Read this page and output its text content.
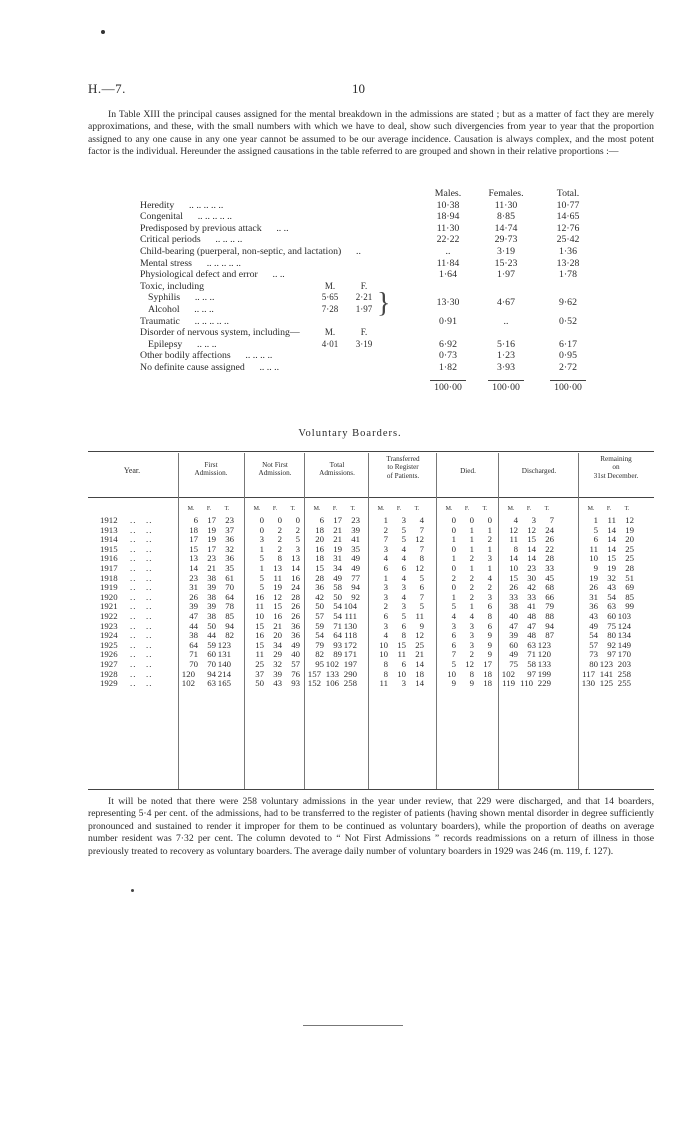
H.—7.	10

In Table XIII the principal causes assigned for the mental breakdown in the admissions are stated ; but as a matter of fact they are merely approximations, and these, with the small numbers with which we have to deal, show such divergencies from year to year that the proportion assigned to any one cause in any one year cannot be assumed to be our average incidence. Causation is always complex, and the most potent factor is the individual. Hereunder the assigned causations in the table referred to are grouped and shown in their relative proportions :—

Males.	Females.	Total.
Heredity .. .. .. .. ..	10·38	11·30	10·77
Congenital .. .. .. .. ..	18·94	8·85	14·65
Predisposed by previous attack .. ..	11·30	14·74	12·76
Critical periods .. .. .. ..	22·22	29·73	25·42
Child-bearing (puerperal, non-septic, and lactation) ..	..	3·19	1·36
Mental stress .. .. .. .. ..	11·84	15·23	13·28
Physiological defect and error .. ..	1·64	1·97	1·78
Toxic, including	M.	F.
Syphilis .. .. ..	5·65	2·21 }	13·30	4·67	9·62
Alcohol .. .. ..	7·28	1·97
Traumatic .. .. .. .. ..	0·91	..	0·52
Disorder of nervous system, including—	M.	F.
Epilepsy .. .. ..	4·01	3·19	6·92	5·16	6·17
Other bodily affections .. .. .. ..	0·73	1·23	0·95
No definite cause assigned .. .. ..	1·82	3·93	2·72
100·00	100·00	100·00
Voluntary Boarders.
Year.
First
Admission.
M.	F.	T.
Not First
Admission.
M.	F.	T.
Total
Admissions.
M.	F.	T.
Transferred
to Register
of Patients.
M.	F.	T.
Died.
M.	F.	T.
Discharged.
M.	F.	T.
Remaining
on
31st December.
M.	F.	T.
1912 ..   ..	6	17	23	0	0	0	6	17	23	1	3	4	0	0	0	4	3	7	1	11	12
1913 ..   ..	18	19	37	0	2	2	18	21	39	2	5	7	0	1	1	12	12	24	5	14	19
1914 ..   ..	17	19	36	3	2	5	20	21	41	7	5	12	1	1	2	11	15	26	6	14	20
1915 ..   ..	15	17	32	1	2	3	16	19	35	3	4	7	0	1	1	8	14	22	11	14	25
1916 ..   ..	13	23	36	5	8	13	18	31	49	4	4	8	1	2	3	14	14	28	10	15	25
1917 ..   ..	14	21	35	1	13	14	15	34	49	6	6	12	0	1	1	10	23	33	9	19	28
1918 ..   ..	23	38	61	5	11	16	28	49	77	1	4	5	2	2	4	15	30	45	19	32	51
1919 ..   ..	31	39	70	5	19	24	36	58	94	3	3	6	0	2	2	26	42	68	26	43	69
1920 ..   ..	26	38	64	16	12	28	42	50	92	3	4	7	1	2	3	33	33	66	31	54	85
1921 ..   ..	39	39	78	11	15	26	50	54 104	2	3	5	5	1	6	38	41	79	36	63	99
1922 ..   ..	47	38	85	10	16	26	57	54 111	6	5	11	4	4	8	40	48	88	43	60 103
1923 ..   ..	44	50	94	15	21	36	59	71 130	3	6	9	3	3	6	47	47	94	49	75 124
1924 ..   ..	38	44	82	16	20	36	54	64 118	4	8	12	6	3	9	39	48	87	54	80 134
1925 ..   ..	64	59 123	15	34	49	79	93 172	10	15	25	6	3	9	60	63 123	57	92 149
1926 ..   ..	71	60 131	11	29	40	82	89 171	10	11	21	7	2	9	49	71 120	73	97 170
1927 ..   ..	70	70 140	25	32	57	95 102 197	8	6	14	5	12	17	75	58 133	80 123 203
1928 ..   ..	120	94 214	37	39	76 157 133 290	8	10	18	10	8	18	102	97 199	117 141 258
1929 ..   ..	102	63 165	50	43	93 152 106 258	11	3	14	9	9	18	119 110 229	130 125 255

It will be noted that there were 258 voluntary admissions in the year under review, that 229 were discharged, and that 14 boarders, representing 5·4 per cent. of the admissions, had to be transferred to the register of patients (having shown mental disorder in degree sufficiently pronounced and sustained to render it improper for them to be continued as voluntary boarders), while the proportion of deaths on average number resident was 7·32 per cent. The column devoted to “ Not First Admissions ” records readmissions on a return of illness in those previously treated to recovery as voluntary boarders. The average daily number of voluntary boarders in 1929 was 246 (m. 119, f. 127).
